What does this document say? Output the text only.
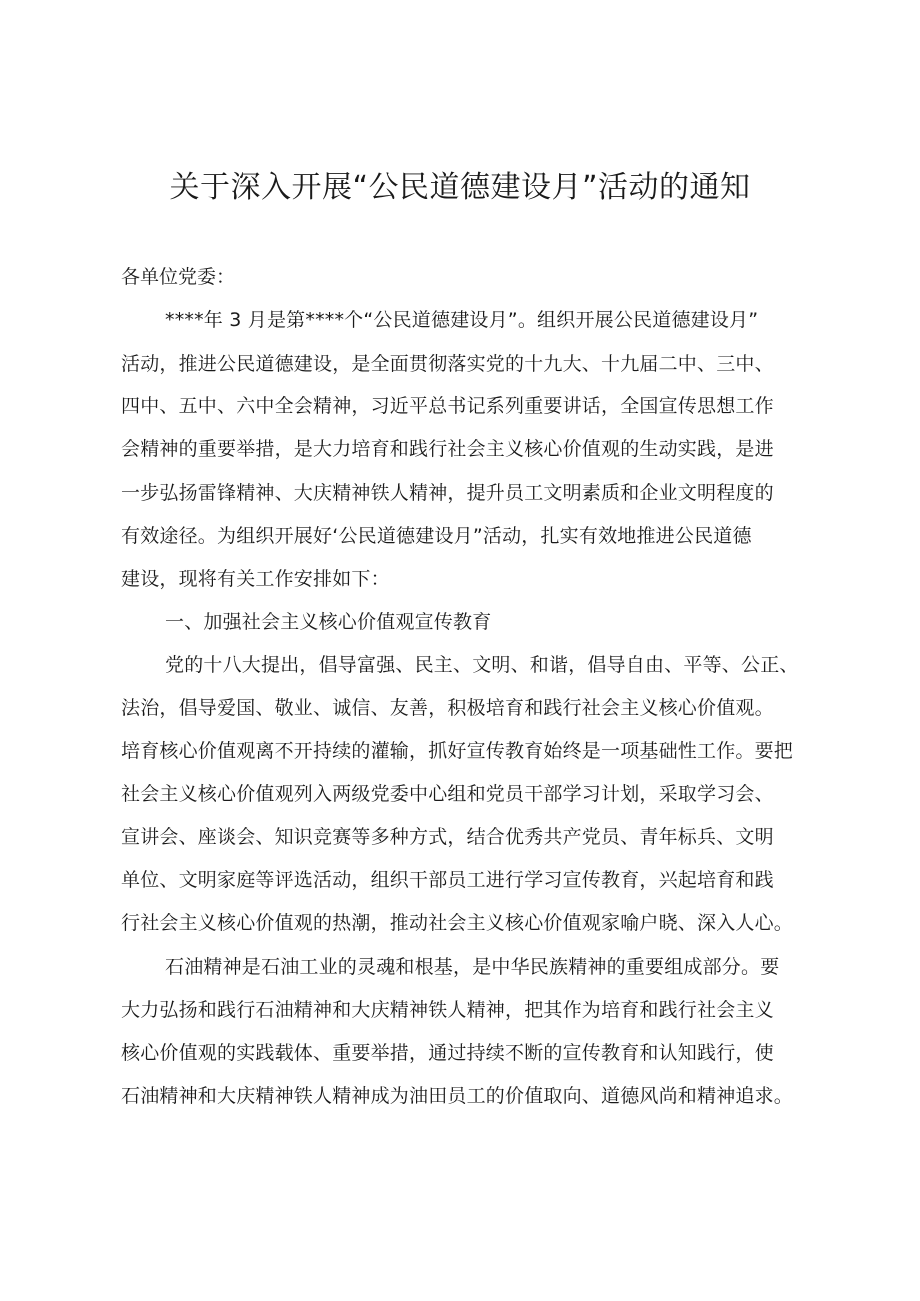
关于深入开展“公民道德建设月”活动的通知
各单位党委：
****年 3 月是第****个“公民道德建设月”。组织开展公民道德建设月”
活动，推进公民道德建设，是全面贯彻落实党的十九大、十九届二中、三中、
四中、五中、六中全会精神，习近平总书记系列重要讲话，全国宣传思想工作
会精神的重要举措，是大力培育和践行社会主义核心价值观的生动实践，是进
一步弘扬雷锋精神、大庆精神铁人精神，提升员工文明素质和企业文明程度的
有效途径。为组织开展好‘公民道德建设月”活动，扎实有效地推进公民道德
建设，现将有关工作安排如下：
一、加强社会主义核心价值观宣传教育
党的十八大提出，倡导富强、民主、文明、和谐，倡导自由、平等、公正、
法治，倡导爱国、敬业、诚信、友善，积极培育和践行社会主义核心价值观。
培育核心价值观离不开持续的灌输，抓好宣传教育始终是一项基础性工作。要把
社会主义核心价值观列入两级党委中心组和党员干部学习计划，采取学习会、
宣讲会、座谈会、知识竞赛等多种方式，结合优秀共产党员、青年标兵、文明
单位、文明家庭等评选活动，组织干部员工进行学习宣传教育，兴起培育和践
行社会主义核心价值观的热潮，推动社会主义核心价值观家喻户晓、深入人心。
石油精神是石油工业的灵魂和根基，是中华民族精神的重要组成部分。要
大力弘扬和践行石油精神和大庆精神铁人精神，把其作为培育和践行社会主义
核心价值观的实践载体、重要举措，通过持续不断的宣传教育和认知践行，使
石油精神和大庆精神铁人精神成为油田员工的价值取向、道德风尚和精神追求。
